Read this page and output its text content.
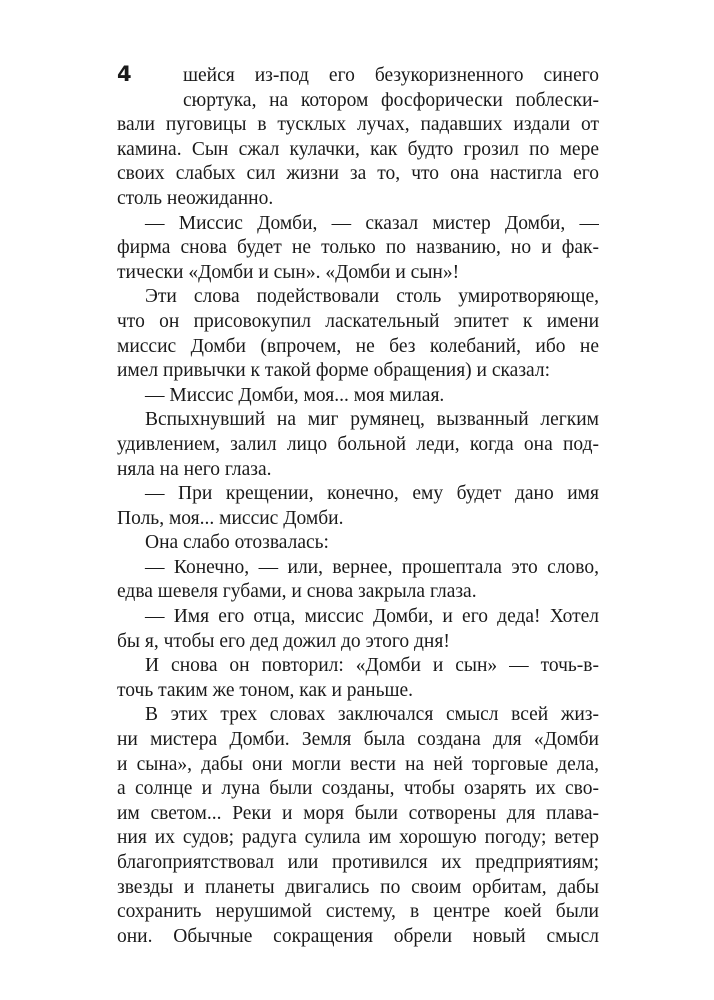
4	шейся из-под его безукоризненного синего
сюртука, на котором фосфорически поблески-
вали пуговицы в тусклых лучах, падавших издали от
камина. Сын сжал кулачки, как будто грозил по мере
своих слабых сил жизни за то, что она настигла его
столь неожиданно.
— Миссис Домби, — сказал мистер Домби, —
фирма снова будет не только по названию, но и фак-
тически «Домби и сын». «Домби и сын»!
Эти слова подействовали столь умиротворяюще,
что он присовокупил ласкательный эпитет к имени
миссис Домби (впрочем, не без колебаний, ибо не
имел привычки к такой форме обращения) и сказал:
— Миссис Домби, моя... моя милая.
Вспыхнувший на миг румянец, вызванный легким
удивлением, залил лицо больной леди, когда она под-
няла на него глаза.
— При крещении, конечно, ему будет дано имя
Поль, моя... миссис Домби.
Она слабо отозвалась:
— Конечно, — или, вернее, прошептала это слово,
едва шевеля губами, и снова закрыла глаза.
— Имя его отца, миссис Домби, и его деда! Хотел
бы я, чтобы его дед дожил до этого дня!
И снова он повторил: «Домби и сын» — точь-в-
точь таким же тоном, как и раньше.
В этих трех словах заключался смысл всей жиз-
ни мистера Домби. Земля была создана для «Домби
и сына», дабы они могли вести на ней торговые дела,
а солнце и луна были созданы, чтобы озарять их сво-
им светом... Реки и моря были сотворены для плава-
ния их судов; радуга сулила им хорошую погоду; ветер
благоприятствовал или противился их предприятиям;
звезды и планеты двигались по своим орбитам, дабы
сохранить нерушимой систему, в центре коей были
они. Обычные сокращения обрели новый смысл
